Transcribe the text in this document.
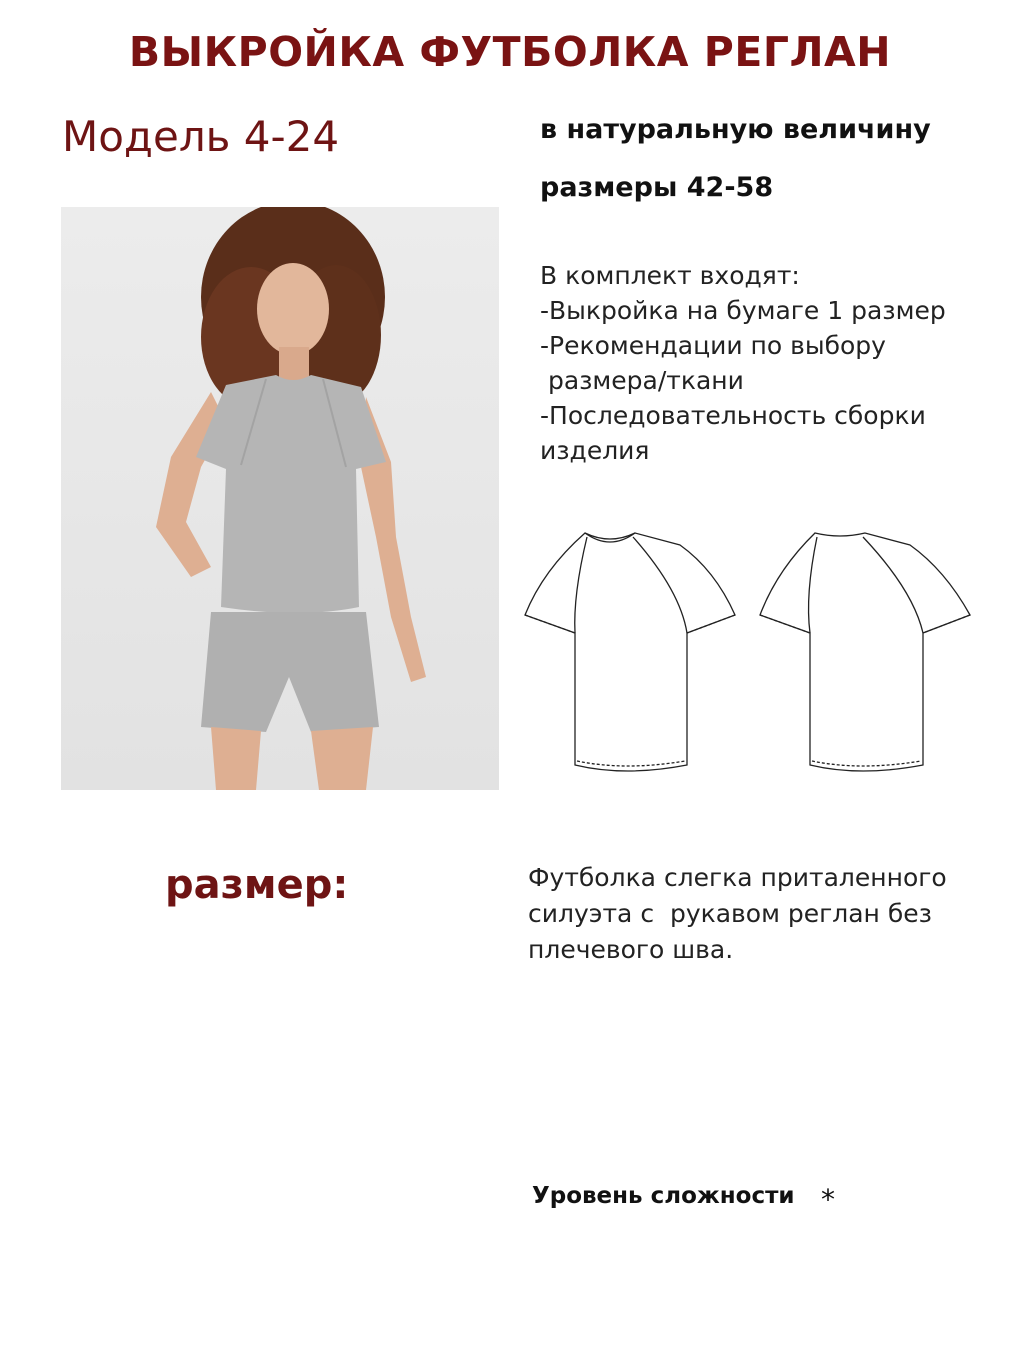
ВЫКРОЙКА ФУТБОЛКА РЕГЛАН
Модель 4-24	в натуральную величину
размеры 42-58
В комплект входят:
-Выкройка на бумаге 1 размер
-Рекомендации по выбору
размера/ткани
-Последовательность сборки
изделия
размер:	Футболка слегка приталенного
силуэта с  рукавом реглан без
плечевого шва.
Уровень сложности *
